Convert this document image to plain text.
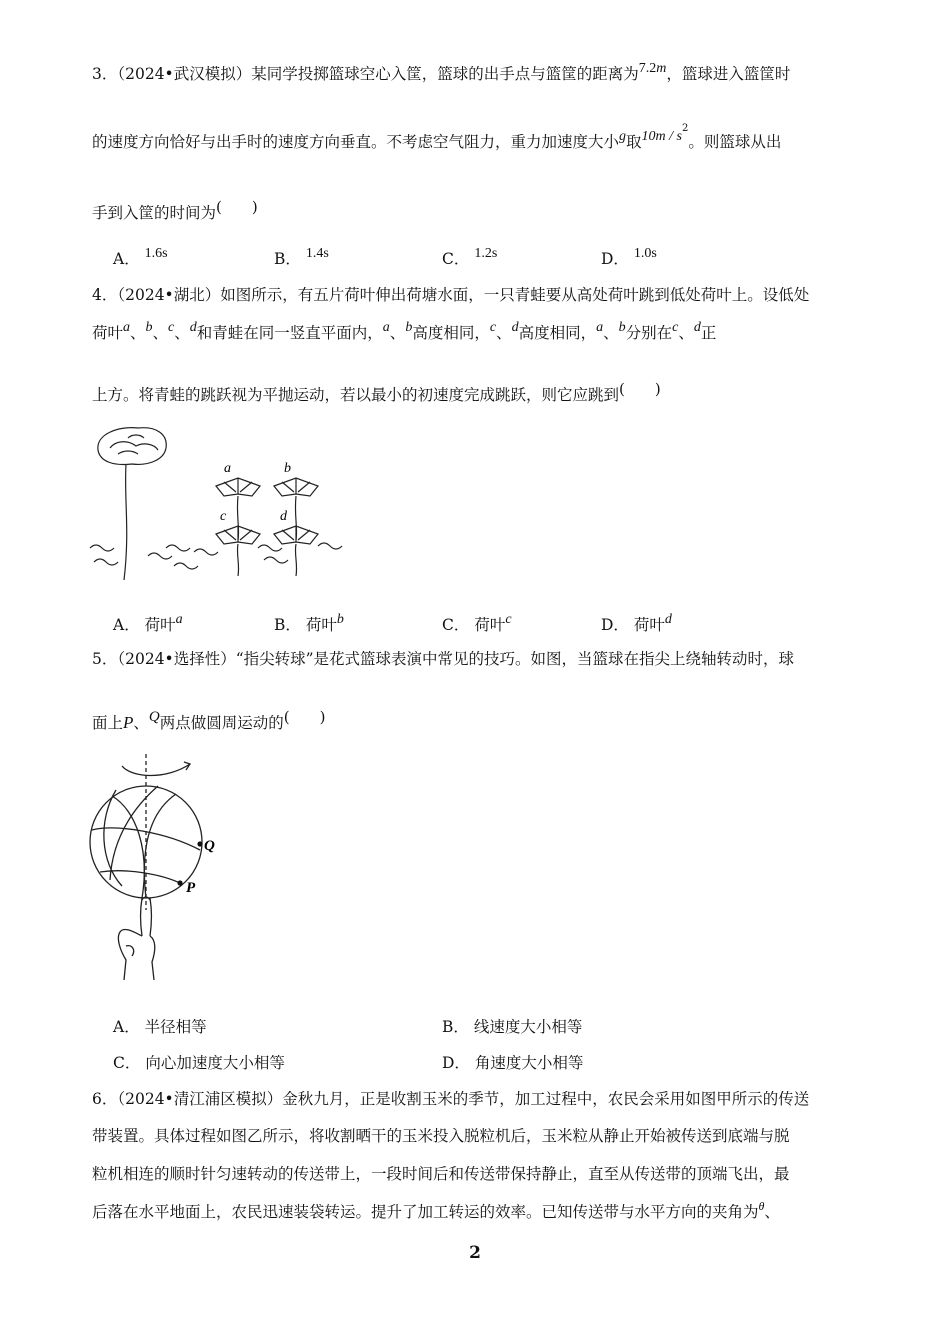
3．（2024•武汉模拟）某同学投掷篮球空心入筐，篮球的出手点与篮筐的距离为7.2m，篮球进入篮筐时
的速度方向恰好与出手时的速度方向垂直。不考虑空气阻力，重力加速度大小g取$10m / s^2$。则篮球从出
手到入筐的时间为(　　)
A． 1.6s	B． 1.4s	C． 1.2s	D． 1.0s
4．（2024•湖北）如图所示，有五片荷叶伸出荷塘水面，一只青蛙要从高处荷叶跳到低处荷叶上。设低处
荷叶a、b、c、d和青蛙在同一竖直平面内，a、b高度相同，c、d高度相同，a、b分别在c、d正
上方。将青蛙的跳跃视为平抛运动，若以最小的初速度完成跳跃，则它应跳到(　　)
a	b
c	d
A． 荷叶a	B． 荷叶b	C． 荷叶c	D． 荷叶d
5．（2024•选择性）“指尖转球”是花式篮球表演中常见的技巧。如图，当篮球在指尖上绕轴转动时，球
面上P、Q两点做圆周运动的(　　)
Q
P
A． 半径相等	B． 线速度大小相等
C． 向心加速度大小相等	D． 角速度大小相等
6．（2024•清江浦区模拟）金秋九月，正是收割玉米的季节，加工过程中，农民会采用如图甲所示的传送
带装置。具体过程如图乙所示，将收割晒干的玉米投入脱粒机后，玉米粒从静止开始被传送到底端与脱
粒机相连的顺时针匀速转动的传送带上，一段时间后和传送带保持静止，直至从传送带的顶端飞出，最
后落在水平地面上，农民迅速装袋转运。提升了加工转运的效率。已知传送带与水平方向的夹角为$^\theta$、
2
